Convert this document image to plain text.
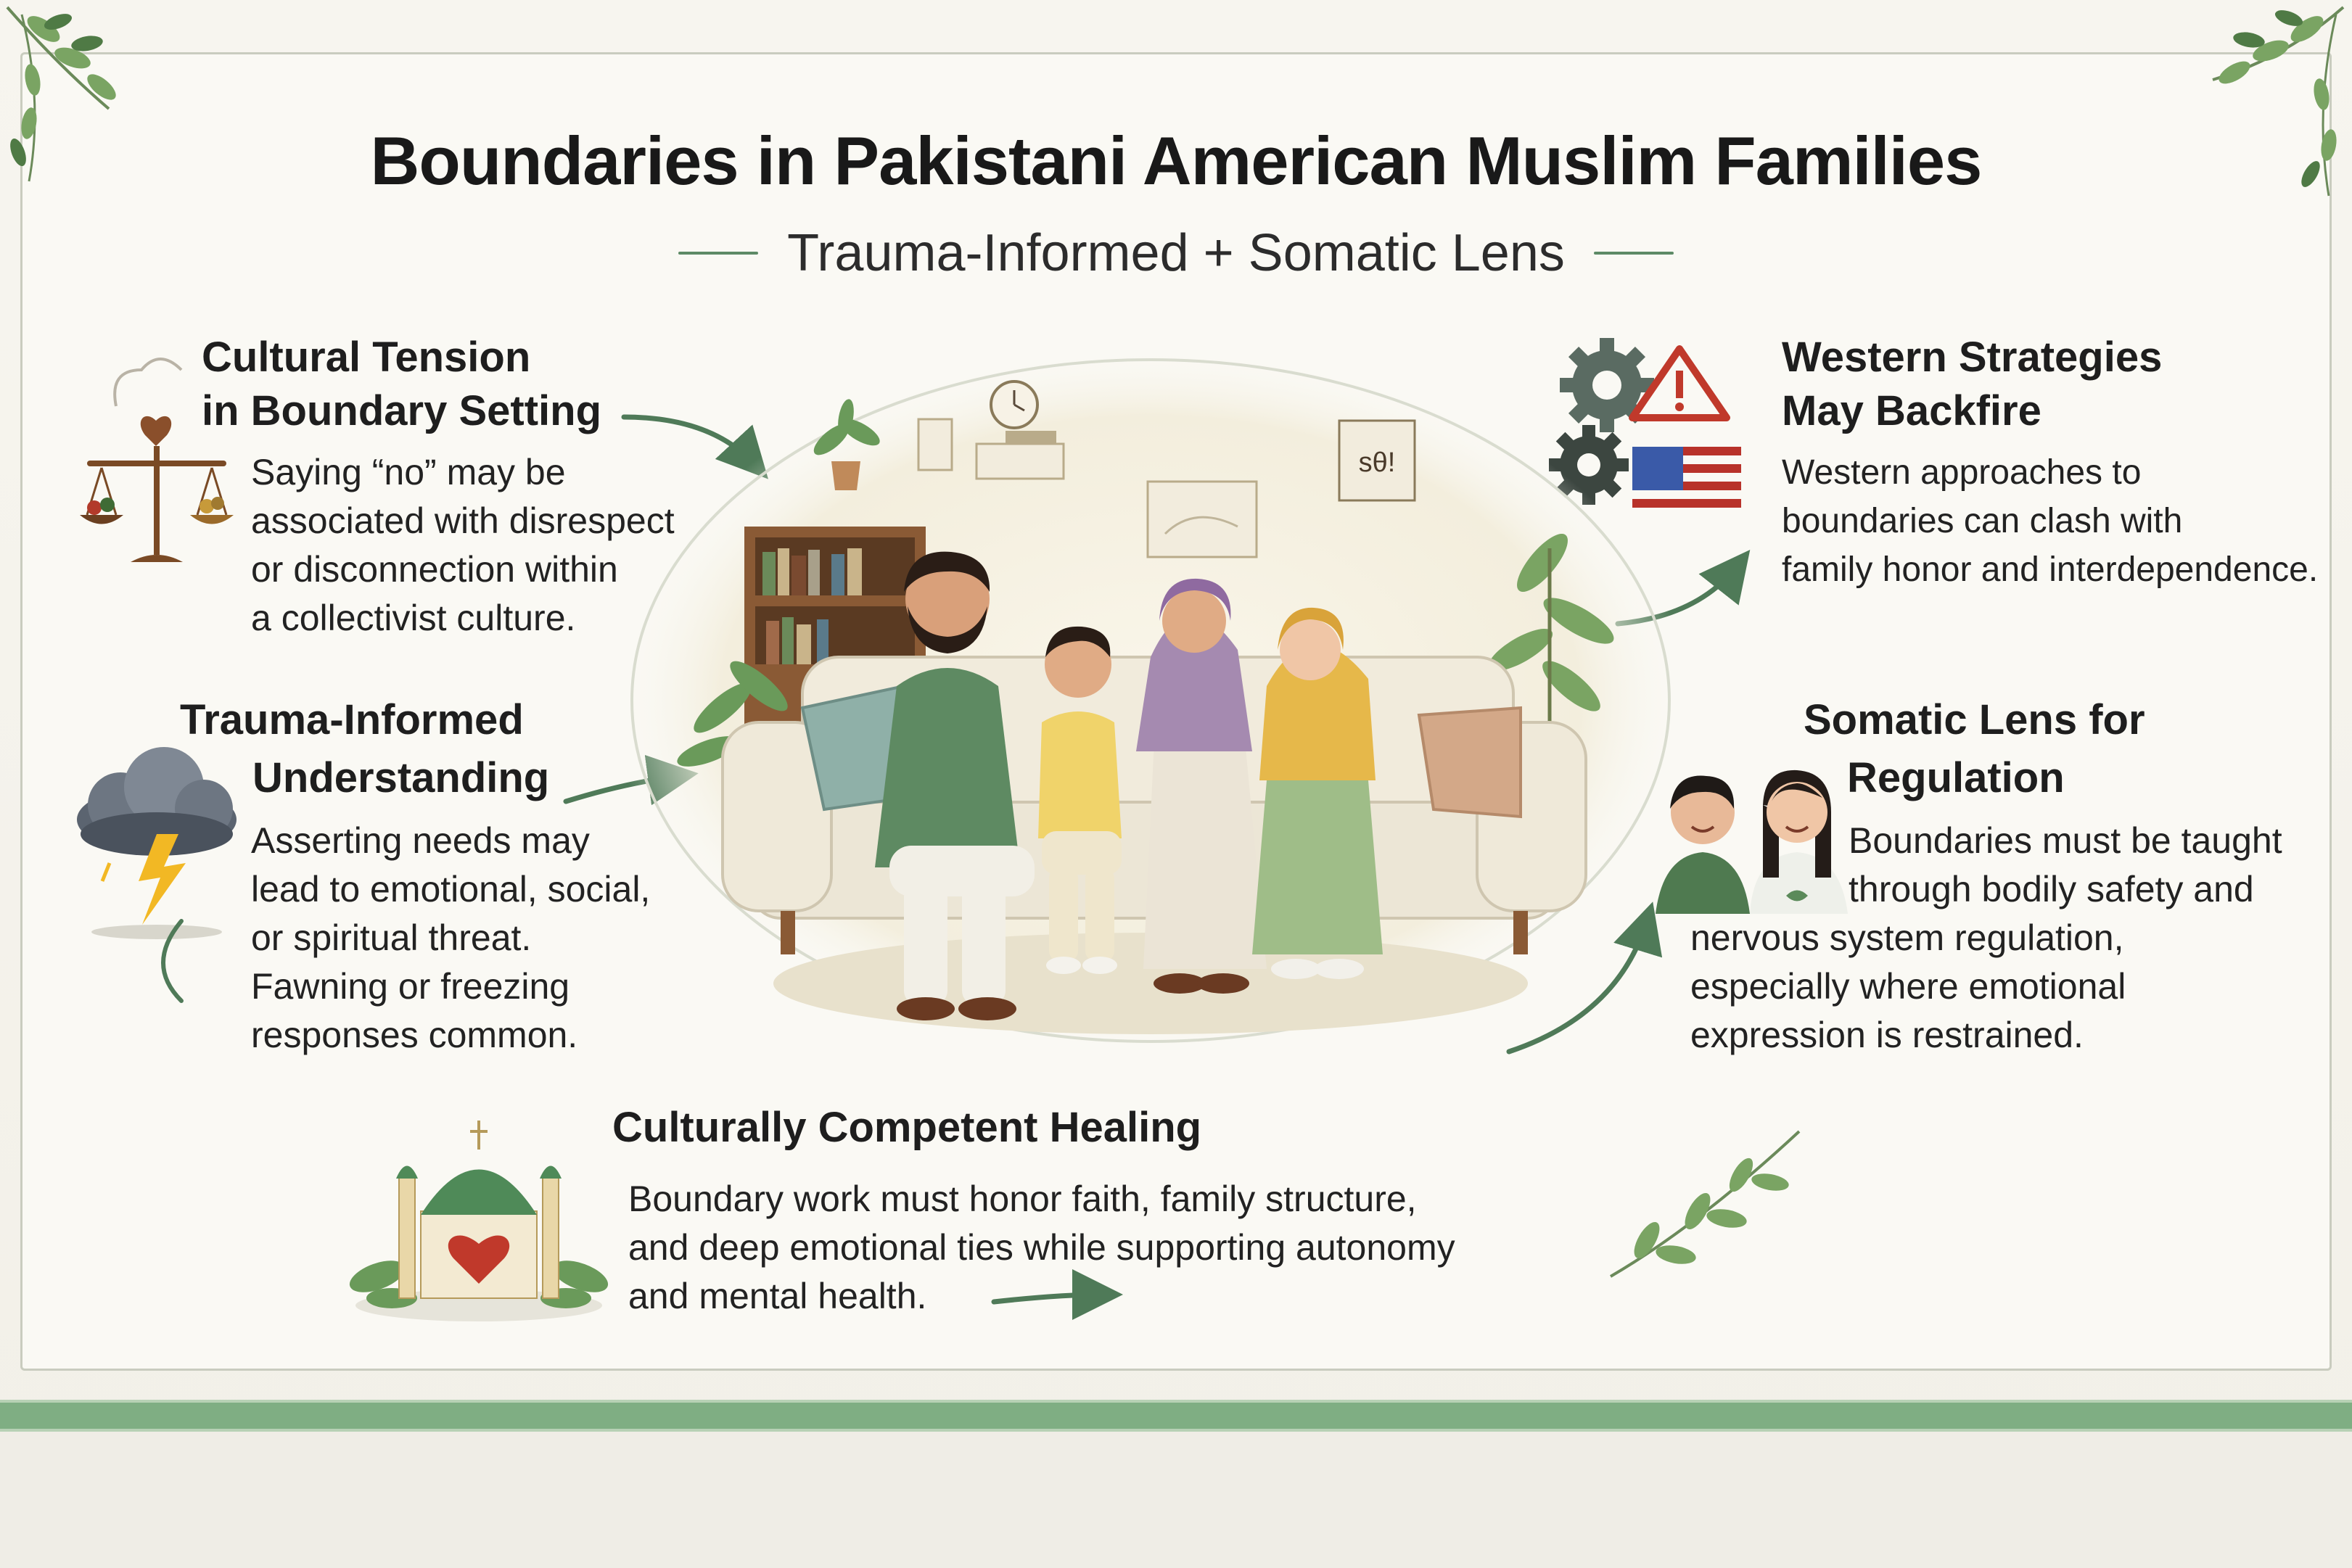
Boundaries in Pakistani American Muslim Families
Trauma-Informed + Somatic Lens
Cultural Tension
in Boundary Setting
Saying “no” may be
associated with disrespect
or disconnection within
a collectivist culture.
Trauma-Informed
Understanding
Asserting needs may
lead to emotional, social,
or spiritual threat.
Fawning or freezing
responses common.
Western Strategies
May Backfire
Western approaches to
boundaries can clash with
family honor and interdependence.
Somatic Lens for
Regulation
Boundaries must be taught
through bodily safety and
nervous system regulation,
especially where emotional
expression is restrained.
Culturally Competent Healing
Boundary work must honor faith, family structure,
and deep emotional ties while supporting autonomy
and mental health.
sθ!
